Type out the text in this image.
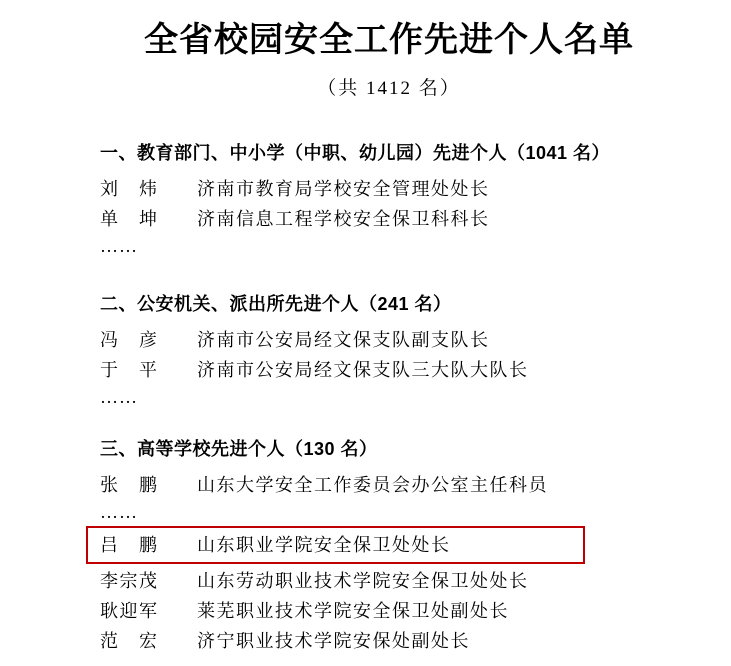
全省校园安全工作先进个人名单
（共 1412 名）
一、教育部门、中小学（中职、幼儿园）先进个人（1041 名）
刘　炜	济南市教育局学校安全管理处处长
单　坤	济南信息工程学校安全保卫科科长
……
二、公安机关、派出所先进个人（241 名）
冯　彦	济南市公安局经文保支队副支队长
于　平	济南市公安局经文保支队三大队大队长
……
三、高等学校先进个人（130 名）
张　鹏	山东大学安全工作委员会办公室主任科员
……
吕　鹏	山东职业学院安全保卫处处长
李宗茂	山东劳动职业技术学院安全保卫处处长
耿迎军	莱芜职业技术学院安全保卫处副处长
范　宏	济宁职业技术学院安保处副处长
